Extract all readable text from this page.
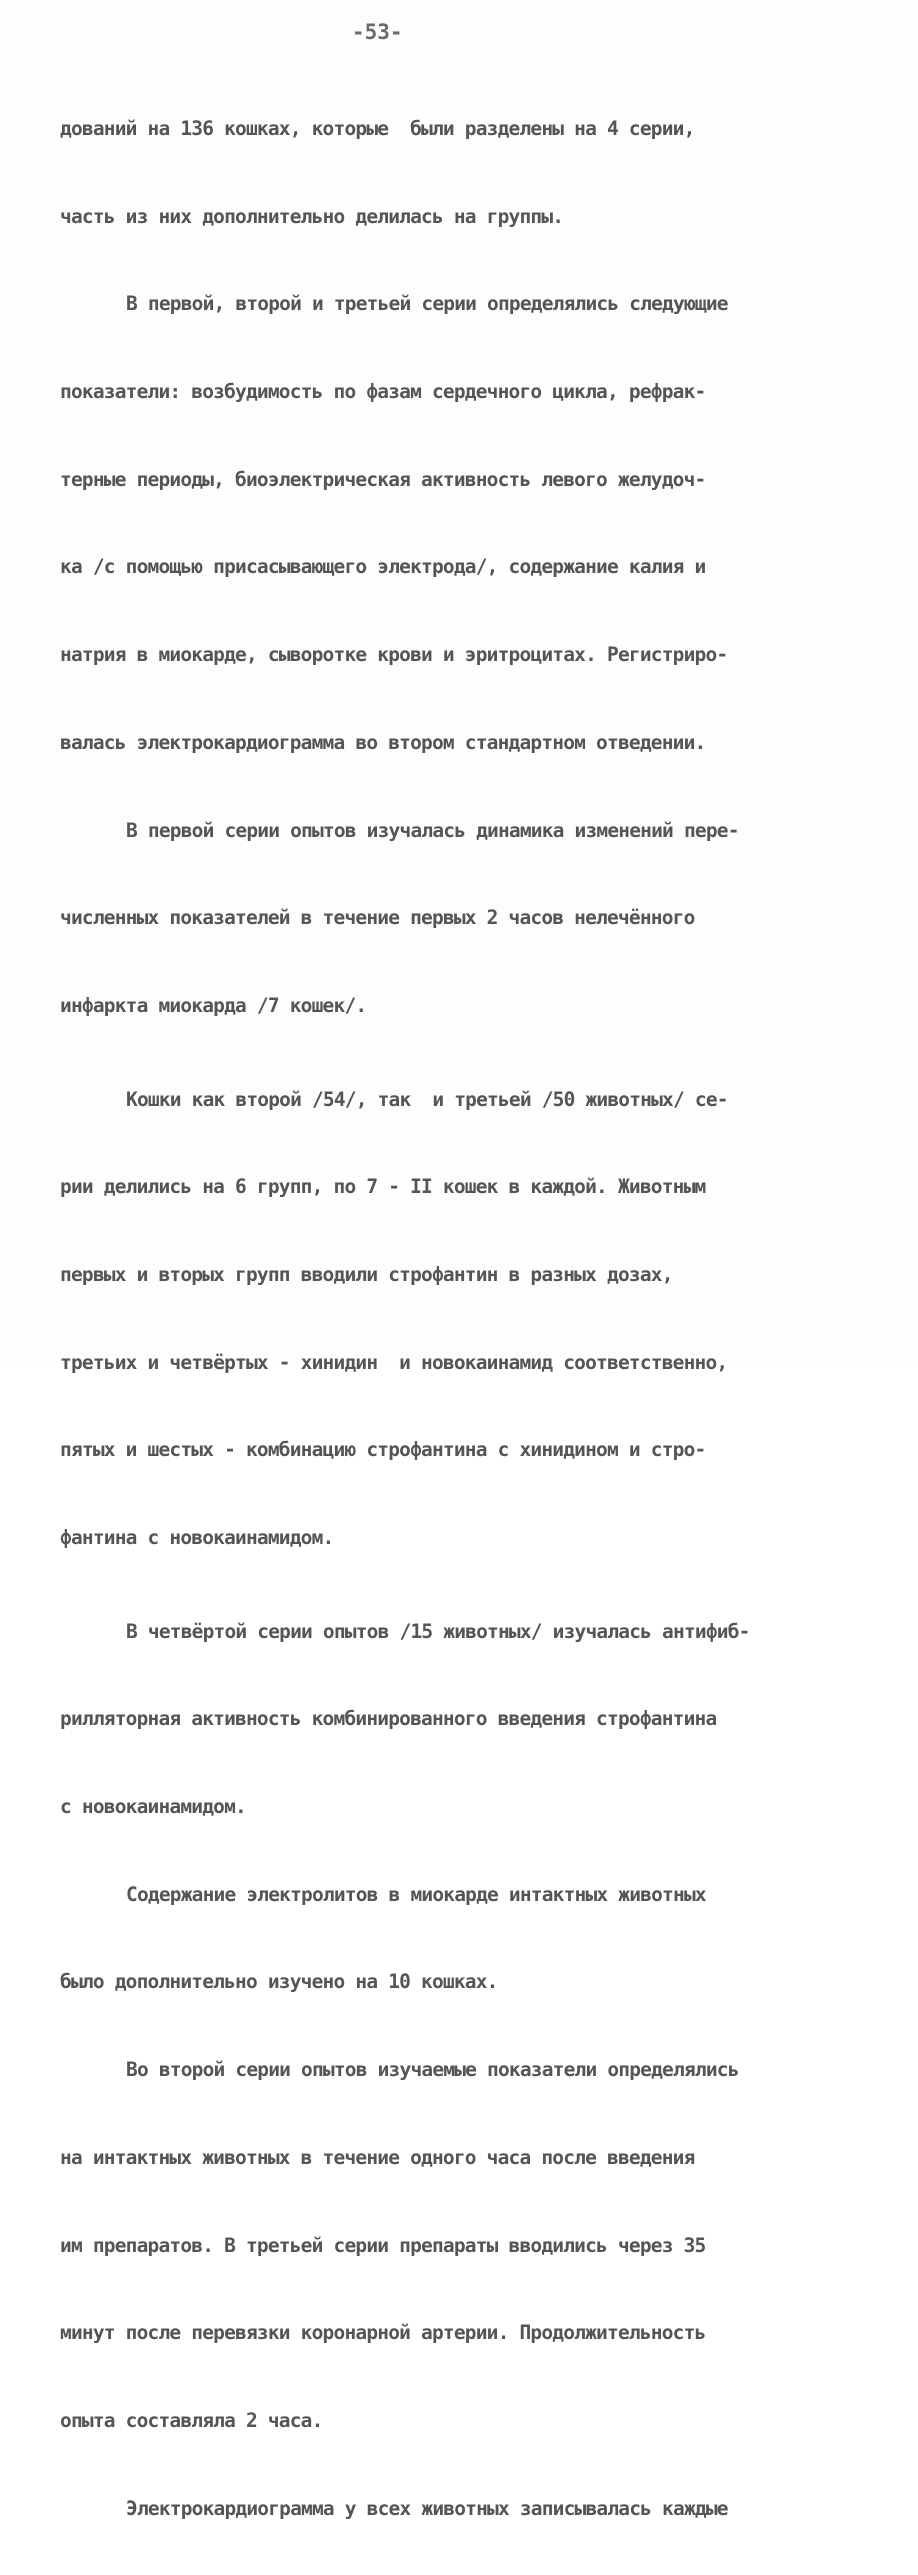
-53-

дований на 136 кошках, которые  были разделены на 4 серии,

часть из них дополнительно делилась на группы.

В первой, второй и третьей серии определялись следующие

показатели: возбудимость по фазам сердечного цикла, рефрак-

терные периоды, биоэлектрическая активность левого желудоч-

ка /с помощью присасывающего электрода/, содержание калия и

натрия в миокарде, сыворотке крови и эритроцитах. Регистриро-

валась электрокардиограмма во втором стандартном отведении.

В первой серии опытов изучалась динамика изменений пере-

численных показателей в течение первых 2 часов нелечённого

инфаркта миокарда /7 кошек/.

Кошки как второй /54/, так  и третьей /50 животных/ се-

рии делились на 6 групп, по 7 - II кошек в каждой. Животным

первых и вторых групп вводили строфантин в разных дозах,

третьих и четвёртых - хинидин  и новокаинамид соответственно,

пятых и шестых - комбинацию строфантина с хинидином и стро-

фантина с новокаинамидом.

В четвёртой серии опытов /15 животных/ изучалась антифиб-

рилляторная активность комбинированного введения строфантина

с новокаинамидом.

Содержание электролитов в миокарде интактных животных

было дополнительно изучено на 10 кошках.

Во второй серии опытов изучаемые показатели определялись

на интактных животных в течение одного часа после введения

им препаратов. В третьей серии препараты вводились через 35

минут после перевязки коронарной артерии. Продолжительность

опыта составляла 2 часа.

Электрокардиограмма у всех животных записывалась каждые
